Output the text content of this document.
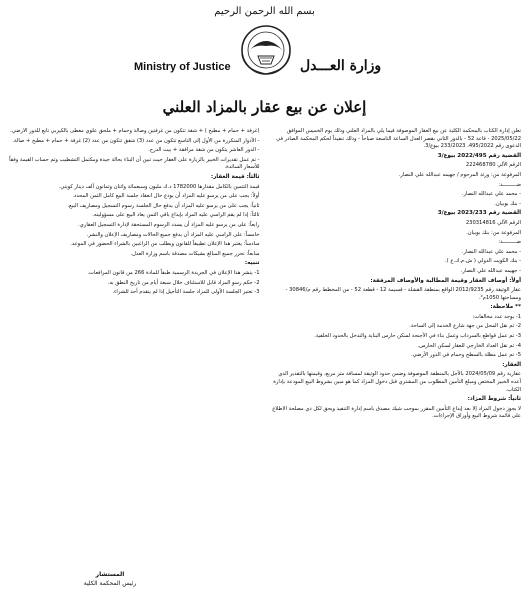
بسم الله الرحمن الرحيم
Ministry of Justice	وزارة العـــدل
إعلان عن بيع عقار بالمزاد العلني

تعلن إدارة الكتاب بالمحكمة الكلية عن بيع العقار الموصوفة فيما يلي بالمزاد العلني وذلك يوم الخميس الموافق 2025/05/22 - قاعة 52 - بالدور الثاني بقصر العدل الساعة التاسعة صباحاً - وذلك تنفيذاً لحكم المحكمة الصادر في الدعوى رقم 495/2022، 233/2023 بيوع/3.

القضية رقم 2022/495 بيوع/3

الرقم الآلي 222468780

المرفوعة من: ورثة المرحوم / جهيمه عبدالله علي النصار.

ضـــــــــد:

- محمد علي عبدالله النصار.

- بنك بوبيان.

القضية رقم 2023/233 بيوع/3

الرقم الآلي 230314816

المرفوعة من: بنك بوبيان.

ضـــــــــد:

- محمد علي عبدالله النصار.

- بنك الكويت الدولي ( ش.م.ك.ع ).

- جهيمه عبدالله علي النصار.

أولاً: أوصاف العقار وقيمة المطالبة والأوصاف المرفقة:

عقار الوثيقة رقم 2012/9235 الواقع بمنطقة القشلة - قسيمة 12 - قطعة 52 - من المخطط رقم م/30846 - ومساحتها 1050م².

** ملاحظة:

1- يوجد عدد مخالفات:

2- تم نقل المحل من جهة شارع الخدمة إلى الساحة.

3- تم عمل قواطع بالسرداب وعمل بناء في الأجنحة لسكن حارس البناية والتدخل بالحدود الخلفية.

4- تم نقل العداد الخارجي للعقار لسكن الحارس.

5- تم عمل مظلة بالسطح وحمام في الدور الأرضي.

العقار:

عقارية رقم 2024/05/09 بالأجل بالمنطقة الموصوفة وضمن حدود الوثيقة لمسافة متر مربع، وقيمتها بالتقدير الذي أعده الخبير المختص ومبلغ التأمين المطلوب من المشتري قبل دخول المزاد كما هو مبين بشروط البيع المودعة بإدارة الكتاب.

ثانياً: شروط المزاد:

لا يجوز دخول المزاد إلا بعد إيداع التأمين المقرر بموجب شيك مصدق باسم إدارة التنفيذ ويحق لكل ذي مصلحة الاطلاع على قائمة شروط البيع وأوراق الإجراءات.

(غرفة + حمام + مطبخ ) + شقة تتكون من غرفتين وصالة وحمام + ملحق علوي مغطى بالكيربي تابع للدور الأرضي.

- الأدوار المتكررة من الأول إلى التاسع تتكون من عدد (3) شقق تتكون من عدد (2) غرفة + حمام + مطبخ + صالة.

- الدور العاشر يتكون من شقة مرافقة + بيت الدرج.

- تم عمل تقديرات الخبير بالزيارة على العقار حيث تبين أن البناء بحالة جيدة ومكتمل التشطيب وتم حساب القيمة وفقاً للأسعار السائدة.

ثالثاً: قيمة العقار:

قيمة التثمين بالكامل مقدارها 1782000 د.ك مليون وسبعمائة واثنان وثمانون ألف دينار كويتي.

أولاً: يجب على من يرسو عليه المزاد أن يودع حال انعقاد جلسة البيع كامل الثمن المحدد.

ثانياً: يجب على من يرسو عليه المزاد أن يدفع حال الجلسة رسوم التسجيل ومصاريف البيع.

ثالثاً: إذا لم يقم الراسي عليه المزاد بإيداع باقي الثمن يعاد البيع على مسؤوليته.

رابعاً: على من يرسو عليه المزاد أن يسدد الرسوم المستحقة لإدارة التسجيل العقاري.

خامساً: على الراسي عليه المزاد أن يدفع جميع الحالات ومصاريف الإعلان والنشر.

سادساً: يعتبر هذا الإعلان تطبيقاً للقانون ويطلب من الراغبين بالشراء الحضور في الموعد.

سابعاً: تحرر جميع المبالغ بشيكات مصدقة باسم وزارة العدل.

تنبيه:

1- ينشر هذا الإعلان في الجريدة الرسمية طبقاً للمادة 266 من قانون المرافعات.

2- حكم رسو المزاد قابل للاستئناف خلال سبعة أيام من تاريخ النطق به.

3- تعتبر الجلسة الأولى للمزاد جلسة التأجيل إذا لم يتقدم أحد للشراء.

المستشار
رئيس المحكمة الكلية
